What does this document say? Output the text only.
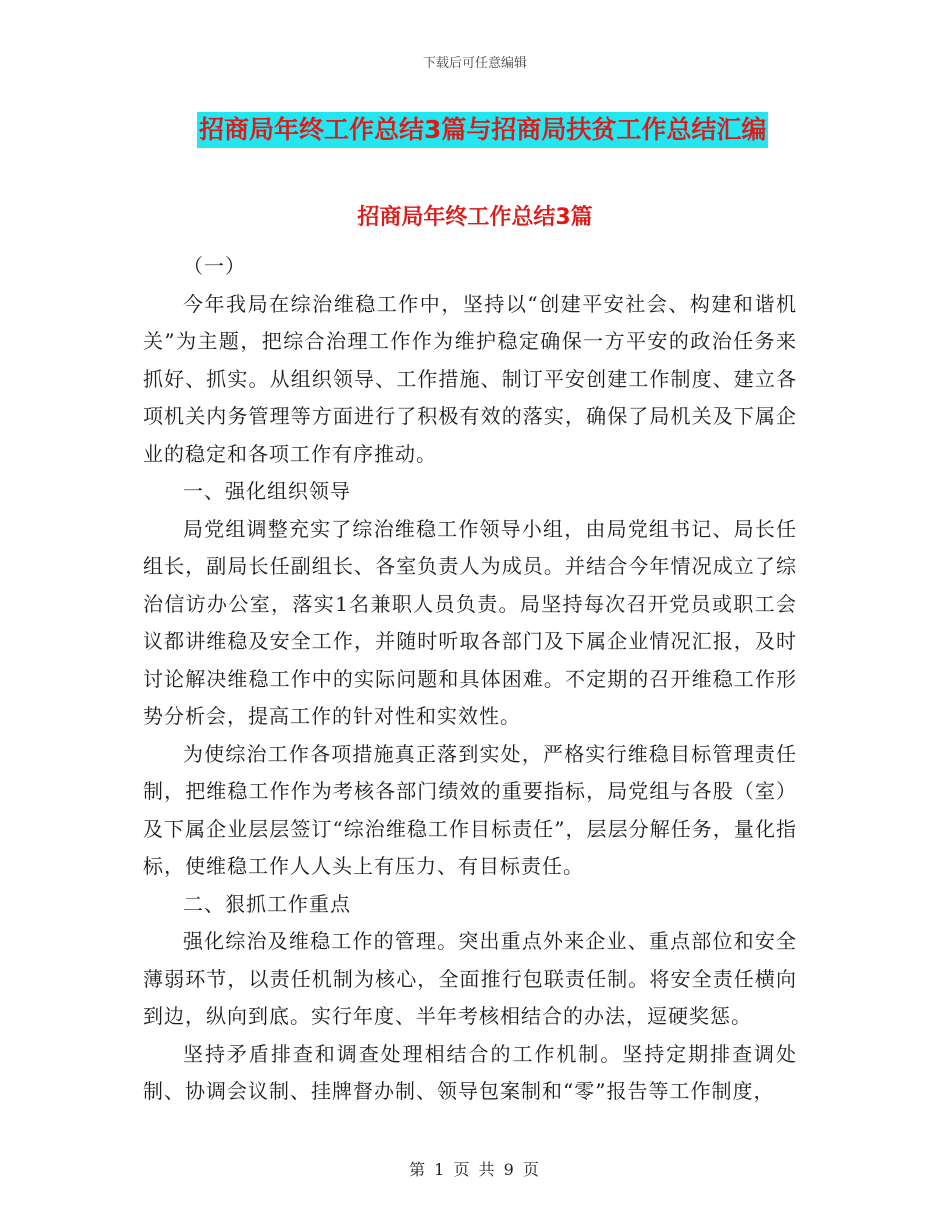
下载后可任意编辑
招商局年终工作总结3篇与招商局扶贫工作总结汇编
招商局年终工作总结3篇

（一）

今年我局在综治维稳工作中，坚持以“创建平安社会、构建和谐机关”为主题，把综合治理工作作为维护稳定确保一方平安的政治任务来抓好、抓实。从组织领导、工作措施、制订平安创建工作制度、建立各项机关内务管理等方面进行了积极有效的落实，确保了局机关及下属企业的稳定和各项工作有序推动。

一、强化组织领导

局党组调整充实了综治维稳工作领导小组，由局党组书记、局长任组长，副局长任副组长、各室负责人为成员。并结合今年情况成立了综治信访办公室，落实1名兼职人员负责。局坚持每次召开党员或职工会议都讲维稳及安全工作，并随时听取各部门及下属企业情况汇报，及时讨论解决维稳工作中的实际问题和具体困难。不定期的召开维稳工作形势分析会，提高工作的针对性和实效性。

为使综治工作各项措施真正落到实处，严格实行维稳目标管理责任制，把维稳工作作为考核各部门绩效的重要指标，局党组与各股（室）及下属企业层层签订“综治维稳工作目标责任”，层层分解任务，量化指标，使维稳工作人人头上有压力、有目标责任。

二、狠抓工作重点

强化综治及维稳工作的管理。突出重点外来企业、重点部位和安全薄弱环节，以责任机制为核心，全面推行包联责任制。将安全责任横向到边，纵向到底。实行年度、半年考核相结合的办法，逗硬奖惩。

坚持矛盾排查和调查处理相结合的工作机制。坚持定期排查调处制、协调会议制、挂牌督办制、领导包案制和“零”报告等工作制度，

第 1 页 共 9 页
